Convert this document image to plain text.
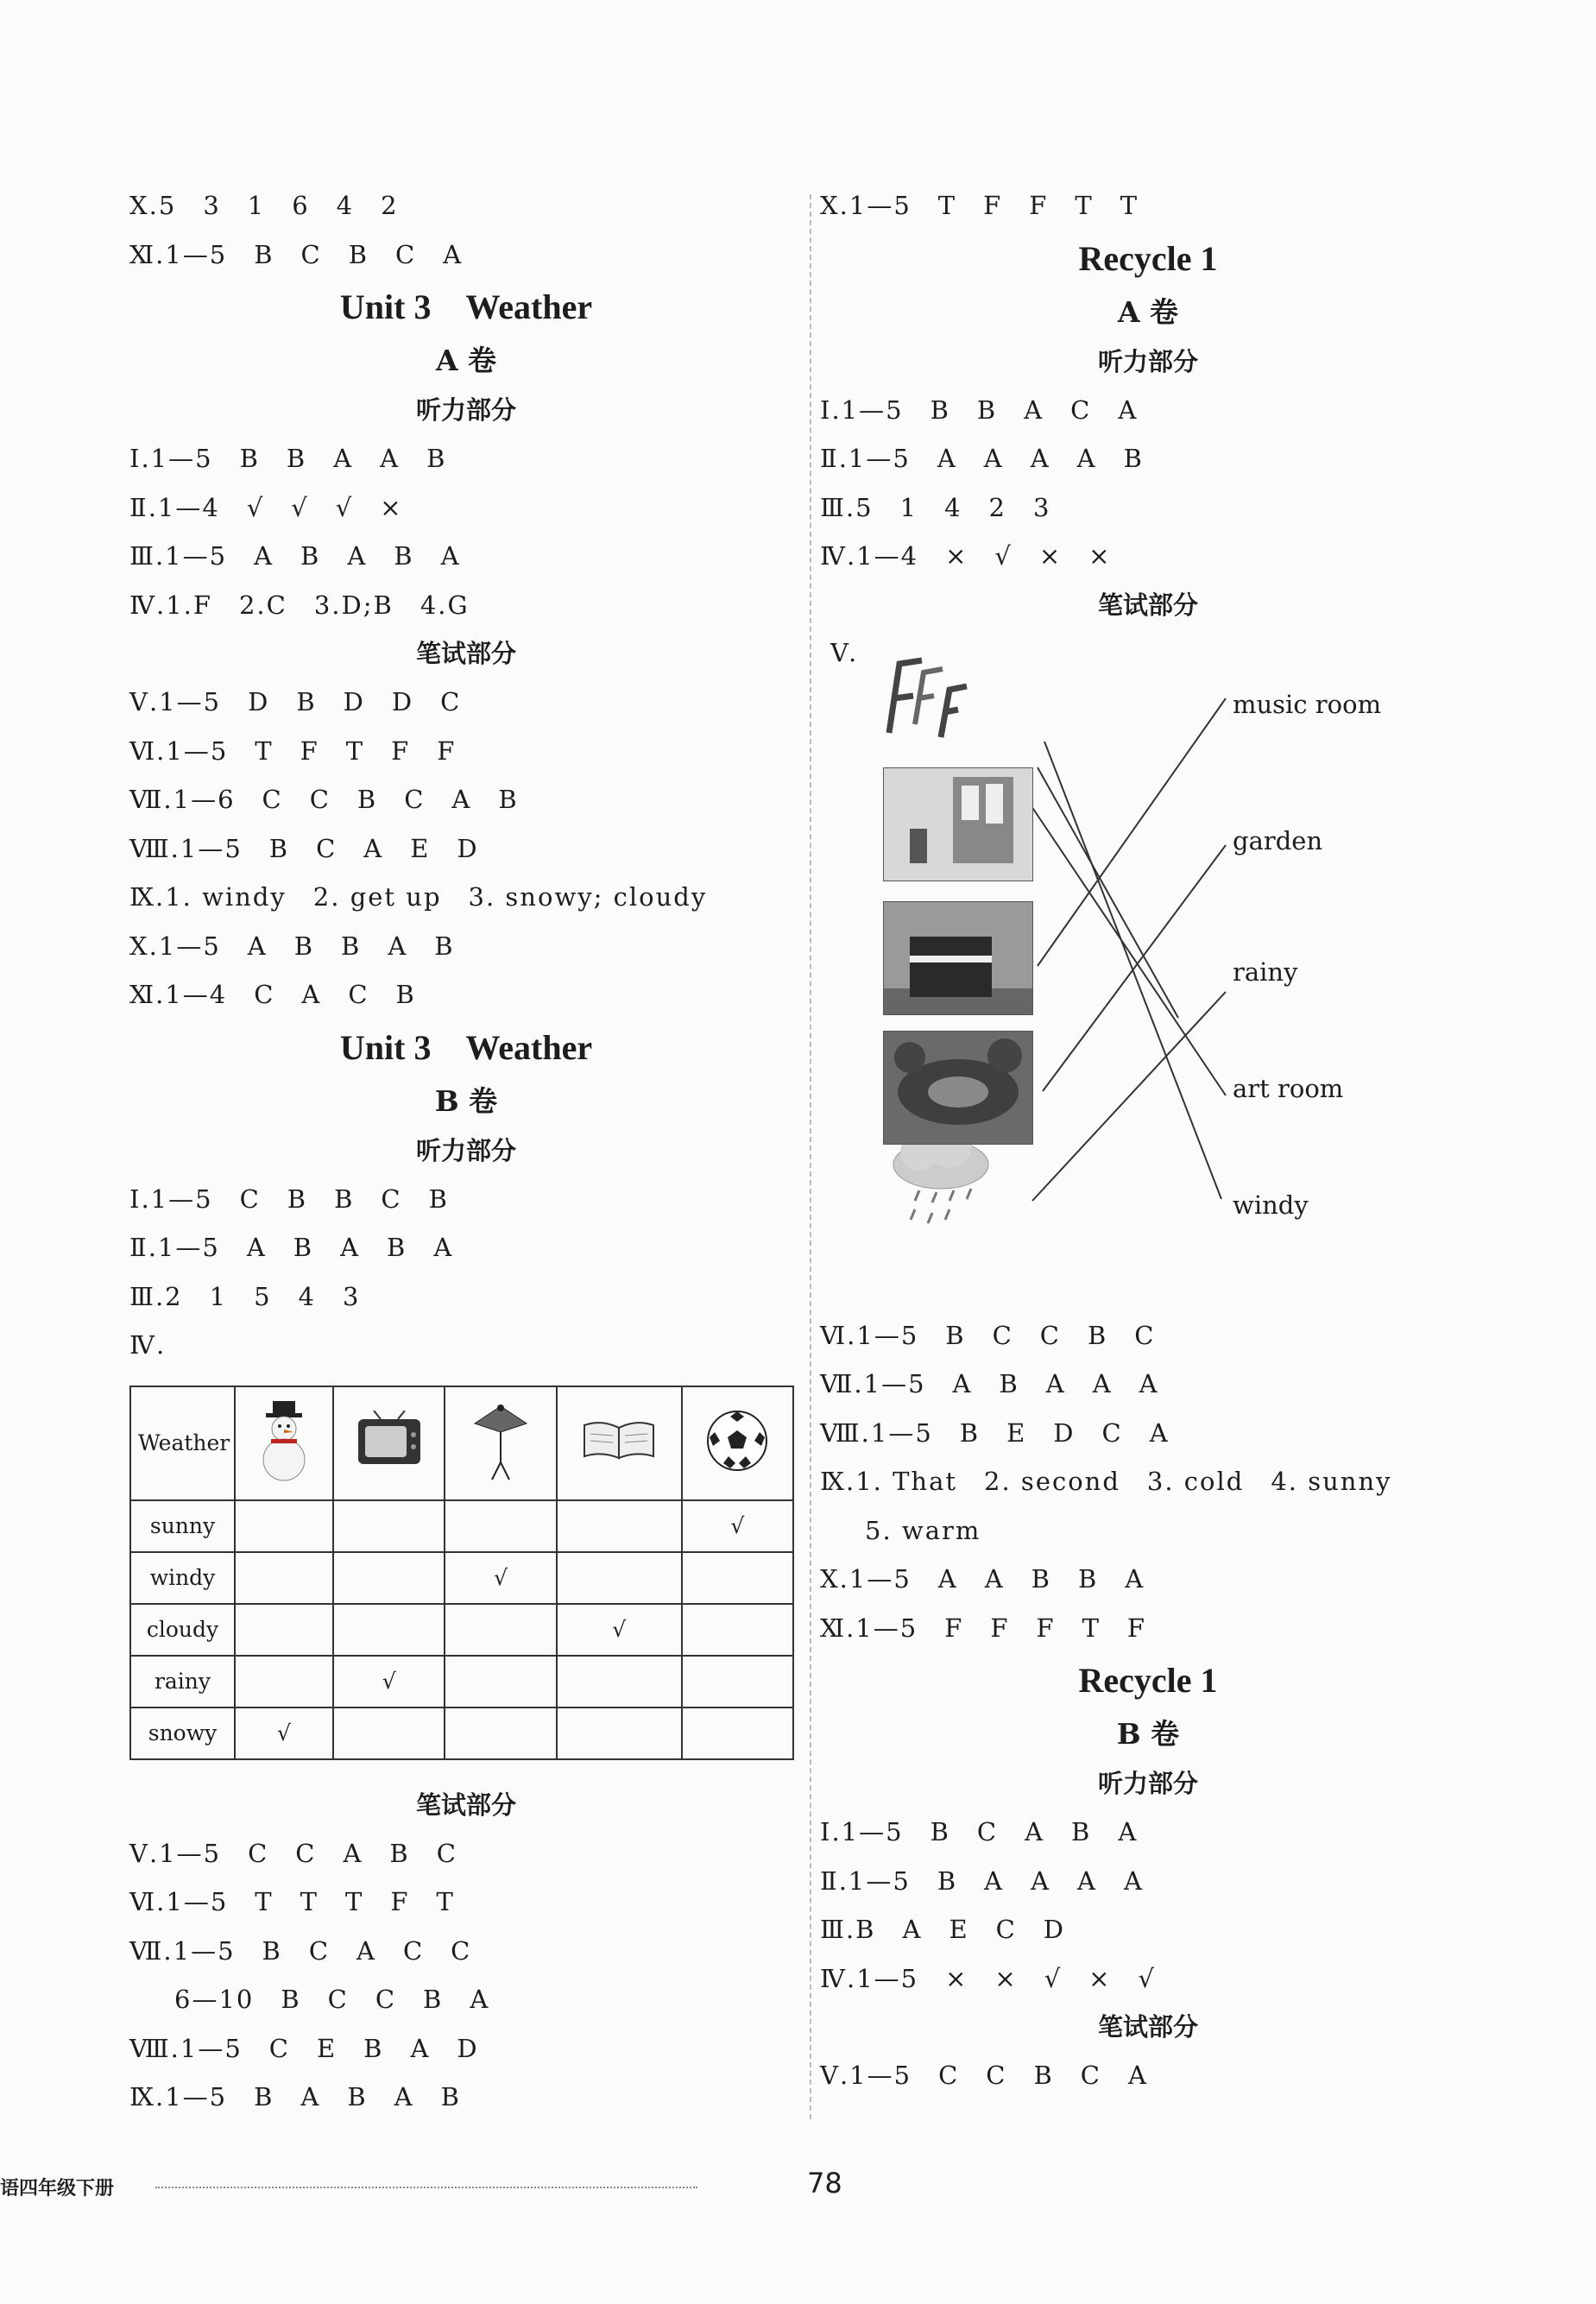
Ⅹ.5　3　1　6　4　2
Ⅺ.1—5　B　C　B　C　A
Unit 3　Weather
A 卷
听力部分
Ⅰ.1—5　B　B　A　A　B
Ⅱ.1—4　√　√　√　×
Ⅲ.1—5　A　B　A　B　A
Ⅳ.1.F　2.C　3.D;B　4.G
笔试部分
Ⅴ.1—5　D　B　D　D　C
Ⅵ.1—5　T　F　T　F　F
Ⅶ.1—6　C　C　B　C　A　B
Ⅷ.1—5　B　C　A　E　D
Ⅸ.1. windy　2. get up　3. snowy; cloudy
Ⅹ.1—5　A　B　B　A　B
Ⅺ.1—4　C　A　C　B
Unit 3　Weather
B 卷
听力部分
Ⅰ.1—5　C　B　B　C　B
Ⅱ.1—5　A　B　A　B　A
Ⅲ.2　1　5　4　3
Ⅳ.
Weather					
sunny					√
windy			√		
cloudy				√	
rainy		√			
snowy	√				
笔试部分
Ⅴ.1—5　C　C　A　B　C
Ⅵ.1—5　T　T　T　F　T
Ⅶ.1—5　B　C　A　C　C
6—10　B　C　C　B　A
Ⅷ.1—5　C　E　B　A　D
Ⅸ.1—5　B　A　B　A　B
Ⅹ.1—5　T　F　F　T　T
Recycle 1
A 卷
听力部分
Ⅰ.1—5　B　B　A　C　A
Ⅱ.1—5　A　A　A　A　B
Ⅲ.5　1　4　2　3
Ⅳ.1—4　×　√　×　×
笔试部分
Ⅴ.
music room
garden
rainy
art room
windy
Ⅵ.1—5　B　C　C　B　C
Ⅶ.1—5　A　B　A　A　A
Ⅷ.1—5　B　E　D　C　A
Ⅸ.1. That　2. second　3. cold　4. sunny
5. warm
Ⅹ.1—5　A　A　B　B　A
Ⅺ.1—5　F　F　F　T　F
Recycle 1
B 卷
听力部分
Ⅰ.1—5　B　C　A　B　A
Ⅱ.1—5　B　A　A　A　A
Ⅲ.B　A　E　C　D
Ⅳ.1—5　×　×　√　×　√
笔试部分
Ⅴ.1—5　C　C　B　C　A
语四年级下册	78
